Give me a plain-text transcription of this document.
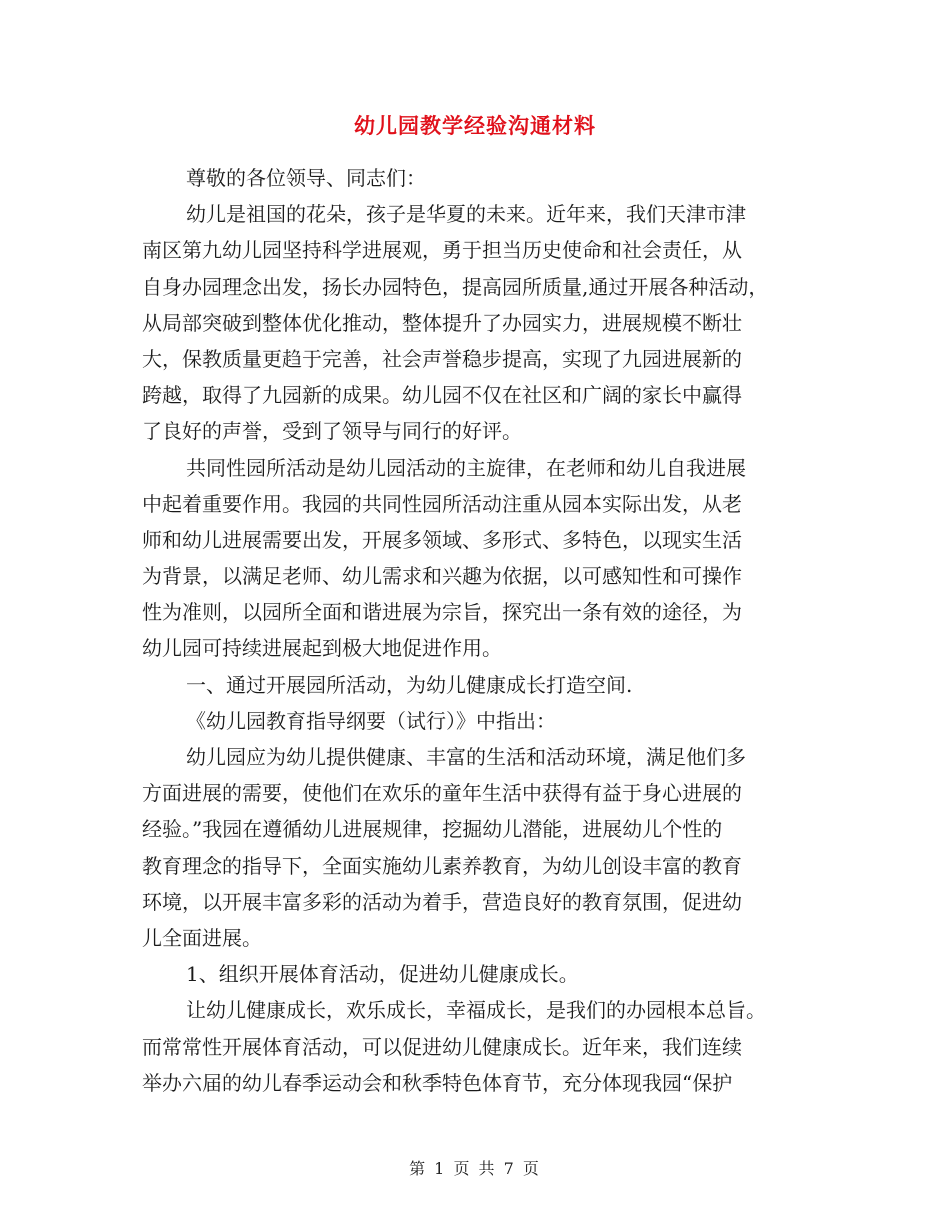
幼儿园教学经验沟通材料
尊敬的各位领导、同志们：
幼儿是祖国的花朵，孩子是华夏的未来。近年来，我们天津市津
南区第九幼儿园坚持科学进展观，勇于担当历史使命和社会责任，从
自身办园理念出发，扬长办园特色，提高园所质量,通过开展各种活动，
从局部突破到整体优化推动，整体提升了办园实力，进展规模不断壮
大，保教质量更趋于完善，社会声誉稳步提高，实现了九园进展新的
跨越，取得了九园新的成果。幼儿园不仅在社区和广阔的家长中赢得
了良好的声誉，受到了领导与同行的好评。
共同性园所活动是幼儿园活动的主旋律，在老师和幼儿自我进展
中起着重要作用。我园的共同性园所活动注重从园本实际出发，从老
师和幼儿进展需要出发，开展多领域、多形式、多特色，以现实生活
为背景，以满足老师、幼儿需求和兴趣为依据，以可感知性和可操作
性为准则，以园所全面和谐进展为宗旨，探究出一条有效的途径，为
幼儿园可持续进展起到极大地促进作用。
一、通过开展园所活动，为幼儿健康成长打造空间.
《幼儿园教育指导纲要（试行）》中指出：
幼儿园应为幼儿提供健康、丰富的生活和活动环境，满足他们多
方面进展的需要，使他们在欢乐的童年生活中获得有益于身心进展的
经验。”我园在遵循幼儿进展规律，挖掘幼儿潜能，进展幼儿个性的
教育理念的指导下，全面实施幼儿素养教育，为幼儿创设丰富的教育
环境，以开展丰富多彩的活动为着手，营造良好的教育氛围，促进幼
儿全面进展。
1、组织开展体育活动，促进幼儿健康成长。
让幼儿健康成长，欢乐成长，幸福成长，是我们的办园根本总旨。
而常常性开展体育活动，可以促进幼儿健康成长。近年来，我们连续
举办六届的幼儿春季运动会和秋季特色体育节，充分体现我园“保护
第 1 页 共 7 页
